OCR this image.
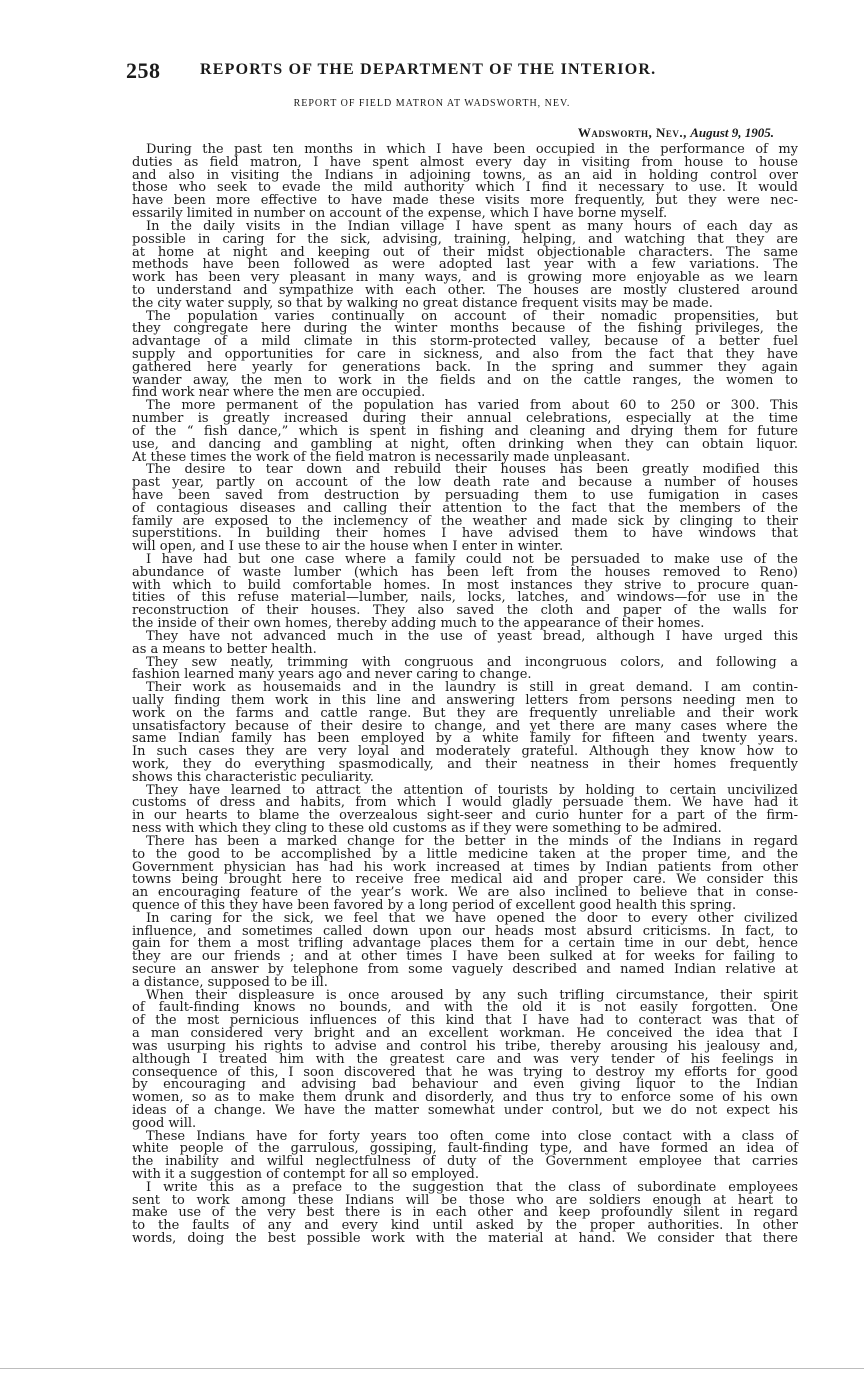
258 REPORTS OF THE DEPARTMENT OF THE INTERIOR.
REPORT OF FIELD MATRON AT WADSWORTH, NEV.
Wadsworth, Nev., August 9, 1905.
During the past ten months in which I have been occupied in the performance of my
duties as field matron, I have spent almost every day in visiting from house to house
and also in visiting the Indians in adjoining towns, as an aid in holding control over
those who seek to evade the mild authority which I find it necessary to use. It would
have been more effective to have made these visits more frequently, but they were nec-
essarily limited in number on account of the expense, which I have borne myself.
In the daily visits in the Indian village I have spent as many hours of each day as
possible in caring for the sick, advising, training, helping, and watching that they are
at home at night and keeping out of their midst objectionable characters. The same
methods have been followed as were adopted last year with a few variations. The
work has been very pleasant in many ways, and is growing more enjoyable as we learn
to understand and sympathize with each other. The houses are mostly clustered around
the city water supply, so that by walking no great distance frequent visits may be made.
The population varies continually on account of their nomadic propensities, but
they congregate here during the winter months because of the fishing privileges, the
advantage of a mild climate in this storm-protected valley, because of a better fuel
supply and opportunities for care in sickness, and also from the fact that they have
gathered here yearly for generations back. In the spring and summer they again
wander away, the men to work in the fields and on the cattle ranges, the women to
find work near where the men are occupied.
The more permanent of the population has varied from about 60 to 250 or 300. This
number is greatly increased during their annual celebrations, especially at the time
of the “ fish dance,” which is spent in fishing and cleaning and drying them for future
use, and dancing and gambling at night, often drinking when they can obtain liquor.
At these times the work of the field matron is necessarily made unpleasant.
The desire to tear down and rebuild their houses has been greatly modified this
past year, partly on account of the low death rate and because a number of houses
have been saved from destruction by persuading them to use fumigation in cases
of contagious diseases and calling their attention to the fact that the members of the
family are exposed to the inclemency of the weather and made sick by clinging to their
superstitions. In building their homes I have advised them to have windows that
will open, and I use these to air the house when I enter in winter.
I have had but one case where a family could not be persuaded to make use of the
abundance of waste lumber (which has been left from the houses removed to Reno)
with which to build comfortable homes. In most instances they strive to procure quan-
tities of this refuse material—lumber, nails, locks, latches, and windows—for use in the
reconstruction of their houses. They also saved the cloth and paper of the walls for
the inside of their own homes, thereby adding much to the appearance of their homes.
They have not advanced much in the use of yeast bread, although I have urged this
as a means to better health.
They sew neatly, trimming with congruous and incongruous colors, and following a
fashion learned many years ago and never caring to change.
Their work as housemaids and in the laundry is still in great demand. I am contin-
ually finding them work in this line and answering letters from persons needing men to
work on the farms and cattle range. But they are frequently unreliable and their work
unsatisfactory because of their desire to change, and yet there are many cases where the
same Indian family has been employed by a white family for fifteen and twenty years.
In such cases they are very loyal and moderately grateful. Although they know how to
work, they do everything spasmodically, and their neatness in their homes frequently
shows this characteristic peculiarity.
They have learned to attract the attention of tourists by holding to certain uncivilized
customs of dress and habits, from which I would gladly persuade them. We have had it
in our hearts to blame the overzealous sight-seer and curio hunter for a part of the firm-
ness with which they cling to these old customs as if they were something to be admired.
There has been a marked change for the better in the minds of the Indians in regard
to the good to be accomplished by a little medicine taken at the proper time, and the
Government physician has had his work increased at times by Indian patients from other
towns being brought here to receive free medical aid and proper care. We consider this
an encouraging feature of the year’s work. We are also inclined to believe that in conse-
quence of this they have been favored by a long period of excellent good health this spring.
In caring for the sick, we feel that we have opened the door to every other civilized
influence, and sometimes called down upon our heads most absurd criticisms. In fact, to
gain for them a most trifling advantage places them for a certain time in our debt, hence
they are our friends ; and at other times I have been sulked at for weeks for failing to
secure an answer by telephone from some vaguely described and named Indian relative at
a distance, supposed to be ill.
When their displeasure is once aroused by any such trifling circumstance, their spirit
of fault-finding knows no bounds, and with the old it is not easily forgotten. One
of the most pernicious influences of this kind that I have had to conteract was that of
a man considered very bright and an excellent workman. He conceived the idea that I
was usurping his rights to advise and control his tribe, thereby arousing his jealousy and,
although I treated him with the greatest care and was very tender of his feelings in
consequence of this, I soon discovered that he was trying to destroy my efforts for good
by encouraging and advising bad behaviour and even giving liquor to the Indian
women, so as to make them drunk and disorderly, and thus try to enforce some of his own
ideas of a change. We have the matter somewhat under control, but we do not expect his
good will.
These Indians have for forty years too often come into close contact with a class of
white people of the garrulous, gossiping, fault-finding type, and have formed an idea of
the inability and wilful neglectfulness of duty of the Government employee that carries
with it a suggestion of contempt for all so employed.
I write this as a preface to the suggestion that the class of subordinate employees
sent to work among these Indians will be those who are soldiers enough at heart to
make use of the very best there is in each other and keep profoundly silent in regard
to the faults of any and every kind until asked by the proper authorities. In other
words, doing the best possible work with the material at hand. We consider that there
